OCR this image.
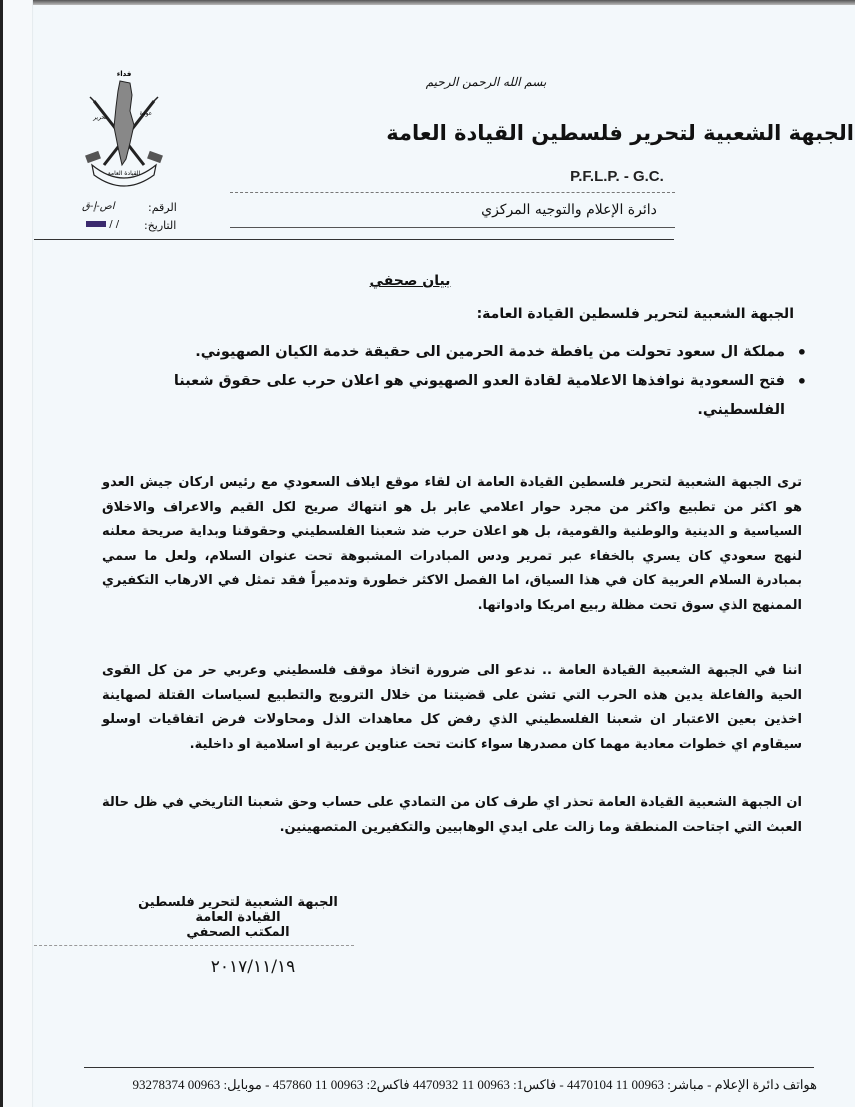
فداء
تحرير
عودة
القيادة العامة
الرقم:
اص-إ-ق
التاريخ:
/ /
بسم الله الرحمن الرحيم
الجبهة الشعبية لتحرير فلسطين القيادة العامة
P.F.L.P. - G.C.
دائرة الإعلام والتوجيه المركزي
بيان صحفي
الجبهة الشعبية لتحرير فلسطين القيادة العامة:
• مملكة ال سعود تحولت من يافطة خدمة الحرمين الى حقيقة خدمة الكيان الصهيوني.
• فتح السعودية نوافذها الاعلامية لقادة العدو الصهيوني هو اعلان حرب على حقوق شعبنا الفلسطيني.

ترى الجبهة الشعبية لتحرير فلسطين القيادة العامة ان لقاء موقع ايلاف السعودي مع رئيس اركان جيش العدو هو اكثر من تطبيع واكثر من مجرد حوار اعلامي عابر بل هو انتهاك صريح لكل القيم والاعراف والاخلاق السياسية و الدينية والوطنية والقومية، بل هو اعلان حرب ضد شعبنا الفلسطيني وحقوقنا وبداية صريحة معلنه لنهج سعودي كان يسري بالخفاء عبر تمرير ودس المبادرات المشبوهة تحت عنوان السلام، ولعل ما سمي بمبادرة السلام العربية كان في هذا السياق، اما الفصل الاكثر خطورة وتدميراً فقد تمثل في الارهاب التكفيري الممنهج الذي سوق تحت مظلة ربيع امريكا وادواتها.

اننا في الجبهة الشعبية القيادة العامة .. ندعو الى ضرورة اتخاذ موقف فلسطيني وعربي حر من كل القوى الحية والفاعلة يدين هذه الحرب التي تشن على قضيتنا من خلال الترويج والتطبيع لسياسات القتلة لصهاينة اخذين بعين الاعتبار ان شعبنا الفلسطيني الذي رفض كل معاهدات الذل ومحاولات فرض اتفاقيات اوسلو سيقاوم اي خطوات معادية مهما كان مصدرها سواء كانت تحت عناوين عربية او اسلامية او داخلية.

ان الجبهة الشعبية القيادة العامة تحذر اي طرف كان من التمادي على حساب وحق شعبنا التاريخي في ظل حالة العبث التي اجتاحت المنطقة وما زالت على ايدي الوهابيين والتكفيرين المتصهينين.

الجبهة الشعبية لتحرير فلسطين القيادة العامة
المكتب الصحفي
٢٠١٧/١١/١٩
هواتف دائرة الإعلام - مباشر: 00963 11 4470104 - فاكس1: 00963 11 4470932 فاكس2: 00963 11 457860 - موبايل: 00963 93278374
